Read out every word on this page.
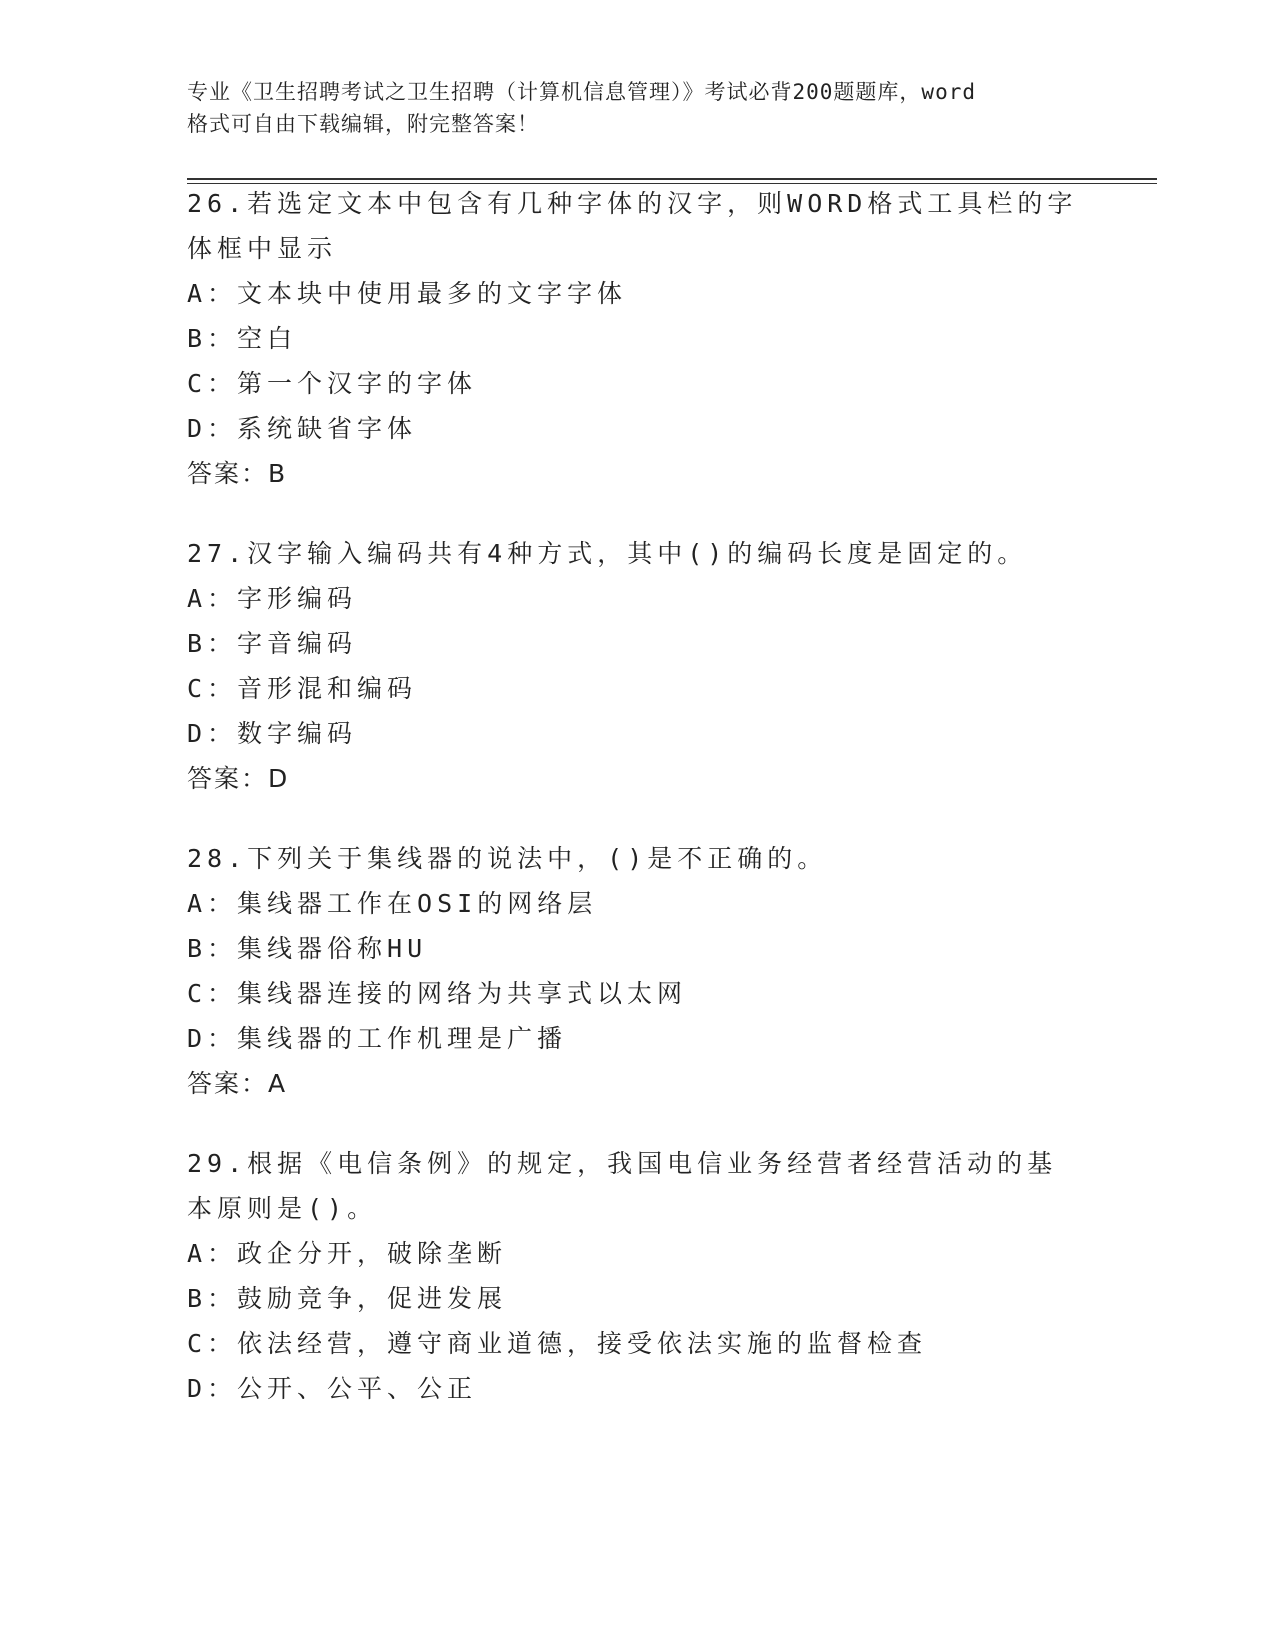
专业《卫生招聘考试之卫生招聘（计算机信息管理）》考试必背200题题库，word
格式可自由下载编辑，附完整答案！
26.若选定文本中包含有几种字体的汉字，则WORD格式工具栏的字体框中显示
A：文本块中使用最多的文字字体
B：空白
C：第一个汉字的字体
D：系统缺省字体
答案：B
27.汉字输入编码共有4种方式，其中()的编码长度是固定的。
A：字形编码
B：字音编码
C：音形混和编码
D：数字编码
答案：D
28.下列关于集线器的说法中，()是不正确的。
A：集线器工作在OSI的网络层
B：集线器俗称HU
C：集线器连接的网络为共享式以太网
D：集线器的工作机理是广播
答案：A
29.根据《电信条例》的规定，我国电信业务经营者经营活动的基本原则是()。
A：政企分开，破除垄断
B：鼓励竞争，促进发展
C：依法经营，遵守商业道德，接受依法实施的监督检查
D：公开、公平、公正
